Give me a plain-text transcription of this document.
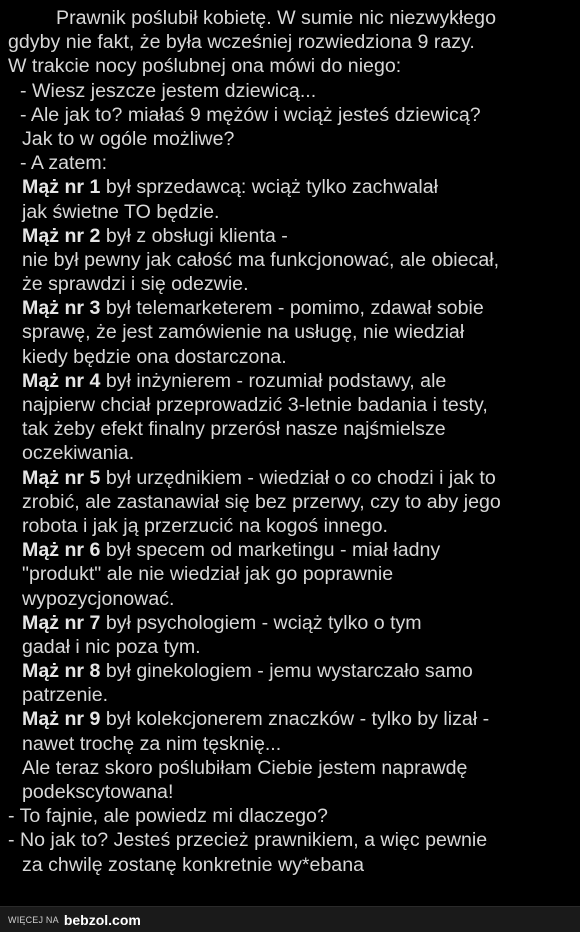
Prawnik poślubił kobietę. W sumie nic niezwykłego
gdyby nie fakt, że była wcześniej rozwiedziona 9 razy.
W trakcie nocy poślubnej ona mówi do niego:
- Wiesz jeszcze jestem dziewicą...
- Ale jak to? miałaś 9 mężów i wciąż jesteś dziewicą?
Jak to w ogóle możliwe?
- A zatem:
Mąż nr 1 był sprzedawcą: wciąż tylko zachwalał
jak świetne TO będzie.
Mąż nr 2 był z obsługi klienta -
nie był pewny jak całość ma funkcjonować, ale obiecał,
że sprawdzi i się odezwie.
Mąż nr 3 był telemarketerem - pomimo, zdawał sobie
sprawę, że jest zamówienie na usługę, nie wiedział
kiedy będzie ona dostarczona.
Mąż nr 4 był inżynierem - rozumiał podstawy, ale
najpierw chciał przeprowadzić 3-letnie badania i testy,
tak żeby efekt finalny przerósł nasze najśmielsze
oczekiwania.
Mąż nr 5 był urzędnikiem - wiedział o co chodzi i jak to
zrobić, ale zastanawiał się bez przerwy, czy to aby jego
robota i jak ją przerzucić na kogoś innego.
Mąż nr 6 był specem od marketingu - miał ładny
"produkt" ale nie wiedział jak go poprawnie
wypozycjonować.
Mąż nr 7 był psychologiem - wciąż tylko o tym
gadał i nic poza tym.
Mąż nr 8 był ginekologiem - jemu wystarczało samo
patrzenie.
Mąż nr 9 był kolekcjonerem znaczków - tylko by lizał -
nawet trochę za nim tęsknię...
Ale teraz skoro poślubiłam Ciebie jestem naprawdę
podekscytowana!
- To fajnie, ale powiedz mi dlaczego?
- No jak to? Jesteś przecież prawnikiem, a więc pewnie
za chwilę zostanę konkretnie wy*ebana
WIĘCEJ NA bebzol.com
